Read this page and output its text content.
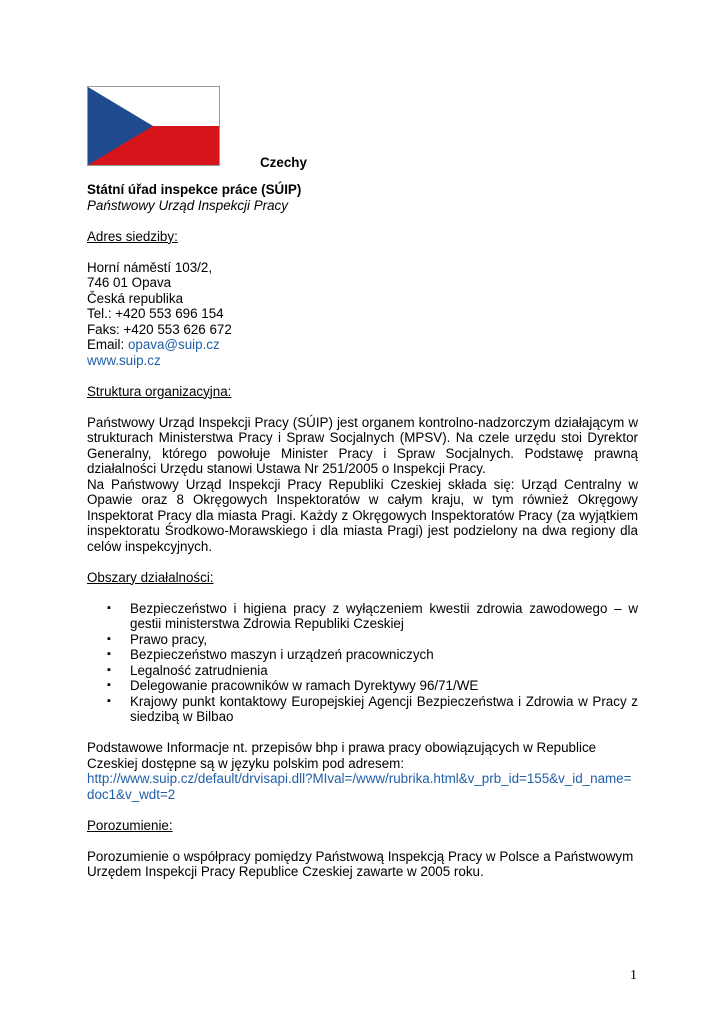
Czechy
Státní úřad inspekce práce (SÚIP)
Państwowy Urząd Inspekcji Pracy
Adres siedziby:
Horní náměstí 103/2,
746 01 Opava
Česká republika
Tel.: +420 553 696 154
Faks: +420 553 626 672
Email: opava@suip.cz
www.suip.cz
Struktura organizacyjna:
Państwowy Urząd Inspekcji Pracy (SÚIP) jest organem kontrolno-nadzorczym działającym w strukturach Ministerstwa Pracy i Spraw Socjalnych (MPSV). Na czele urzędu stoi Dyrektor Generalny, którego powołuje Minister Pracy i Spraw Socjalnych. Podstawę prawną działalności Urzędu stanowi Ustawa Nr 251/2005 o Inspekcji Pracy.
Na Państwowy Urząd Inspekcji Pracy Republiki Czeskiej składa się: Urząd Centralny w Opawie oraz 8 Okręgowych Inspektoratów w całym kraju, w tym również Okręgowy Inspektorat Pracy dla miasta Pragi. Każdy z Okręgowych Inspektoratów Pracy (za wyjątkiem inspektoratu Środkowo-Morawskiego i dla miasta Pragi) jest podzielony na dwa regiony dla celów inspekcyjnych.
Obszary działalności:
▪ Bezpieczeństwo i higiena pracy z wyłączeniem kwestii zdrowia zawodowego – w gestii ministerstwa Zdrowia Republiki Czeskiej
▪ Prawo pracy,
▪ Bezpieczeństwo maszyn i urządzeń pracowniczych
▪ Legalność zatrudnienia
▪ Delegowanie pracowników w ramach Dyrektywy 96/71/WE
▪ Krajowy punkt kontaktowy Europejskiej Agencji Bezpieczeństwa i Zdrowia w Pracy z siedzibą w Bilbao
Podstawowe Informacje nt. przepisów bhp i prawa pracy obowiązujących w Republice Czeskiej dostępne są w języku polskim pod adresem:
http://www.suip.cz/default/drvisapi.dll?MIval=/www/rubrika.html&v_prb_id=155&v_id_name=
doc1&v_wdt=2
Porozumienie:
Porozumienie o współpracy pomiędzy Państwową Inspekcją Pracy w Polsce a Państwowym Urzędem Inspekcji Pracy Republice Czeskiej zawarte w 2005 roku.
1
